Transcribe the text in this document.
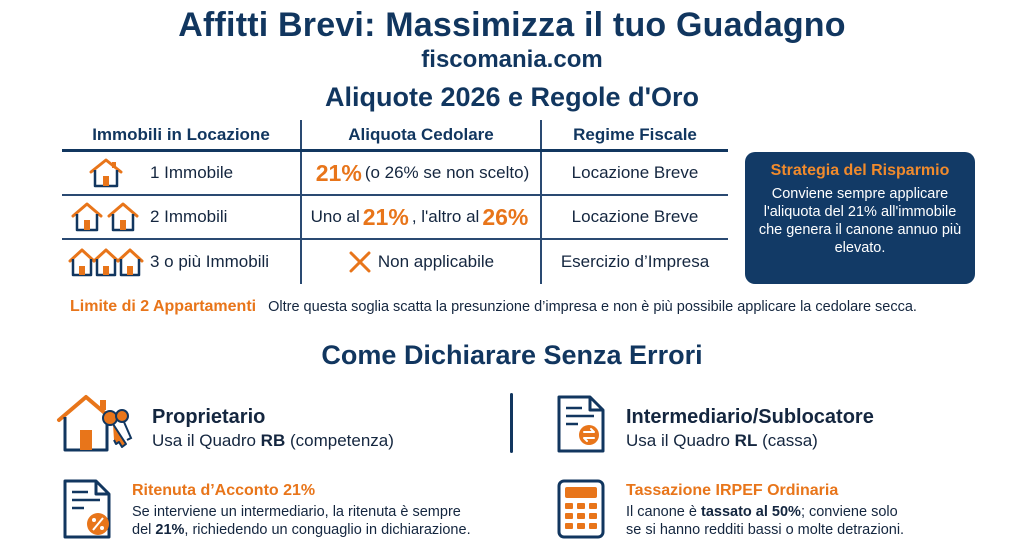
Affitti Brevi: Massimizza il tuo Guadagno
fiscomania.com
Aliquote 2026 e Regole d'Oro
Immobili in Locazione	Aliquota Cedolare	Regime Fiscale
1 Immobile	21% (o 26% se non scelto)	Locazione Breve
2 Immobili	Uno al 21% , l'altro al 26%	Locazione Breve
3 o più Immobili	Non applicabile	Esercizio d’Impresa
Strategia del Risparmio
Conviene sempre applicare l'aliquota del 21% all'immobile che genera il canone annuo più elevato.
Limite di 2 Appartamenti Oltre questa soglia scatta la presunzione d’impresa e non è più possibile applicare la cedolare secca.
Come Dichiarare Senza Errori
Proprietario
Usa il Quadro RB (competenza)
Intermediario/Sublocatore
Usa il Quadro RL (cassa)
Ritenuta d’Acconto 21%
Se interviene un intermediario, la ritenuta è sempre
del 21%, richiedendo un conguaglio in dichiarazione.
Tassazione IRPEF Ordinaria
Il canone è tassato al 50%; conviene solo
se si hanno redditi bassi o molte detrazioni.
